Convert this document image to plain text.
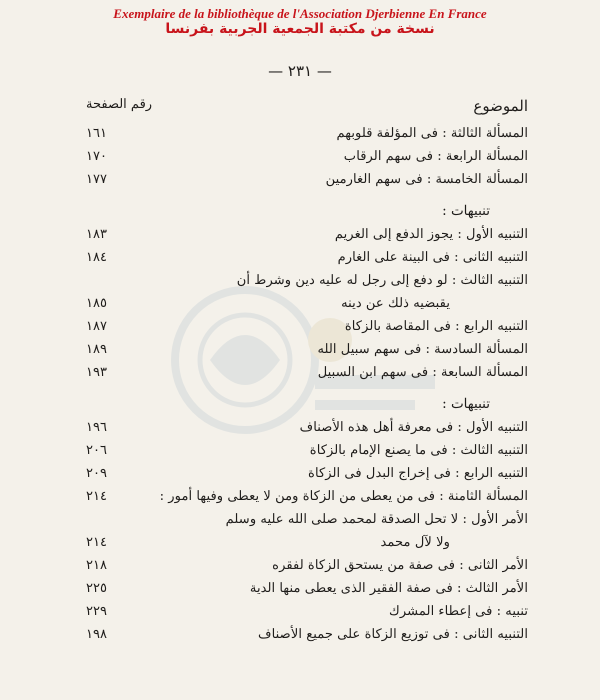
Exemplaire de la bibliothèque de l'Association Djerbienne En France
نسخة من مكتبة الجمعية الجربية بفرنسا
— ٢٣١ —
الموضوع
رقم الصفحة
المسألة الثالثة : فى المؤلفة قلوبهم
١٦١
المسألة الرابعة : فى سهم الرقاب
١٧٠
المسألة الخامسة : فى سهم الغارمين
١٧٧
تنبيهات :
التنبيه الأول : يجوز الدفع إلى الغريم
١٨٣
التنبيه الثانى : فى البينة على الغارم
١٨٤
التنبيه الثالث : لو دفع إلى رجل له عليه دين وشرط أن
يقبضيه ذلك عن دينه
١٨٥
التنبيه الرابع : فى المقاصة بالزكاة
١٨٧
المسألة السادسة : فى سهم سبيل الله
١٨٩
المسألة السابعة : فى سهم ابن السبيل
١٩٣
تنبيهات :
التنبيه الأول : فى معرفة أهل هذه الأصناف
١٩٦
التنبيه الثالث : فى ما يصنع الإمام بالزكاة
٢٠٦
التنبيه الرابع : فى إخراج البدل فى الزكاة
٢٠٩
المسألة الثامنة : فى من يعطى من الزكاة ومن لا يعطى وفيها أمور :
٢١٤
الأمر الأول : لا تحل الصدقة لمحمد صلى الله عليه وسلم
ولا لآل محمد
٢١٤
الأمر الثانى : فى صفة من يستحق الزكاة لفقره
٢١٨
الأمر الثالث : فى صفة الفقير الذى يعطى منها الدية
٢٢٥
تنبيه : فى إعطاء المشرك
٢٢٩
التنبيه الثانى : فى توزيع الزكاة على جميع الأصناف
١٩٨
